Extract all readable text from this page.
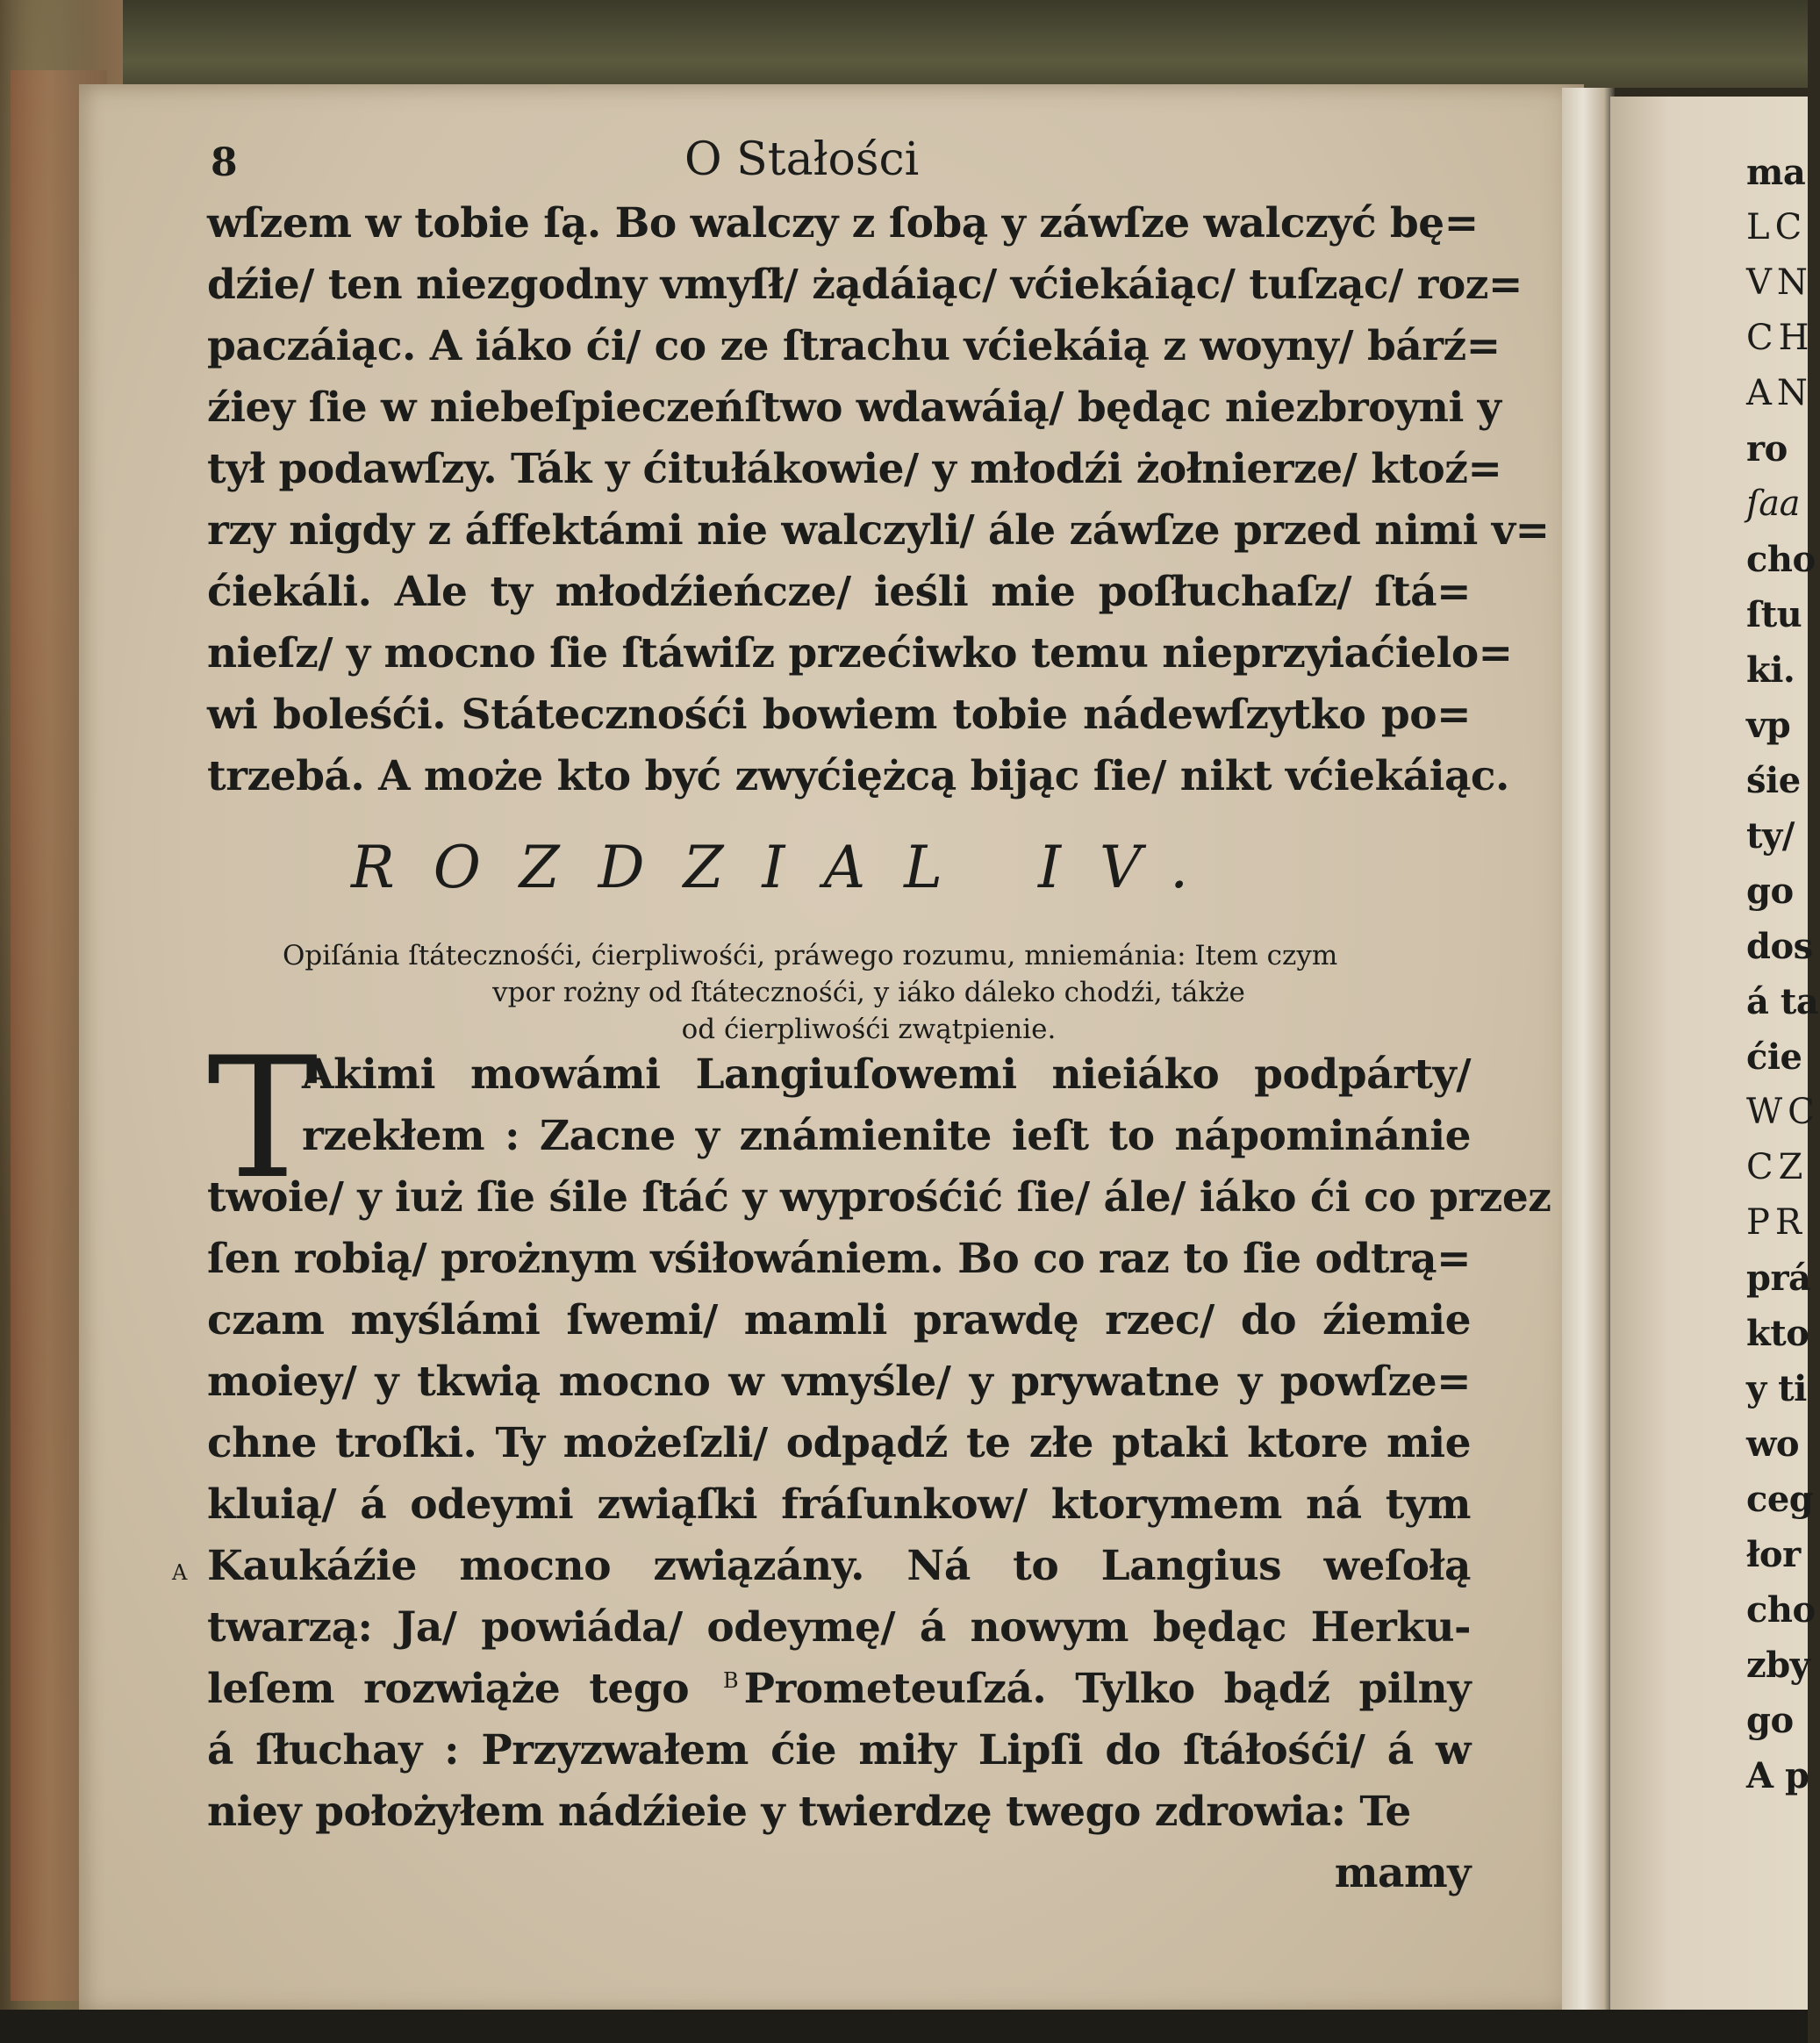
8	O Stałości
wſzem w tobie ſą. Bo walczy z ſobą y záwſze walczyć bę=
dźie/ ten niezgodny vmyſł/ żądáiąc/ vćiekáiąc/ tuſząc/ roz=
paczáiąc. A iáko ći/ co ze ſtrachu vćiekáią z woyny/ bárź=
źiey ſie w niebeſpieczeńſtwo wdawáią/ będąc niezbroyni y
tył podawſzy. Ták y ćitułákowie/ y młodźi żołnierze/ ktoź=
rzy nigdy z áffektámi nie walczyli/ ále záwſze przed nimi v=
ćiekáli. Ale ty młodźieńcze/ ieśli mie poſłuchaſz/ ſtá=
nieſz/ y mocno ſie ſtáwiſz przećiwko temu nieprzyiaćielo=
wi boleśći. Státecznośći bowiem tobie nádewſzytko po=
trzebá. A może kto być zwyćiężcą bijąc ſie/ nikt vćiekáiąc.
ROZDZIAL IV.
Opiſánia ſtátecznośći, ćierpliwośći, práwego rozumu, mniemánia: Item czym
vpor rożny od ſtátecznośći, y iáko dáleko chodźi, tákże
od ćierpliwośći zwątpienie.
T
Akimi mowámi Langiuſowemi nieiáko podpárty/
rzekłem : Zacne y známienite ieſt to nápominánie
twoie/ y iuż ſie śile ſtáć y wyprośćić ſie/ ále/ iáko ći co przez
ſen robią/ prożnym vśiłowániem. Bo co raz to ſie odtrą=
czam myślámi ſwemi/ mamli prawdę rzec/ do źiemie
moiey/ y tkwią mocno w vmyśle/ y prywatne y powſze=
chne troſki. Ty możeſzli/ odpądź te złe ptaki ktore mie
kluią/ á odeymi zwiąſki fráſunkow/ ktorymem ná tym
Kaukáźie mocno związány. Ná to Langius weſołą
twarzą: Ja/ powiáda/ odeymę/ á nowym będąc Herku-
leſem rozwiąże tego B Prometeuſzá. Tylko bądź pilny
á ſłuchay : Przyzwałem ćie miły Lipſi do ſtáłośći/ á w
niey położyłem nádźieie y twierdzę twego zdrowia: Te
mamy
A
ma
LC
VN
CH
AN
ro
ſaa
cho
ſtu
ki.
vp
śie
ty/
go
dos
á ta
ćie
WC
CZ
PR
prá
kto
y ti
wo
ceg
łor
cho
zby
go
A p
